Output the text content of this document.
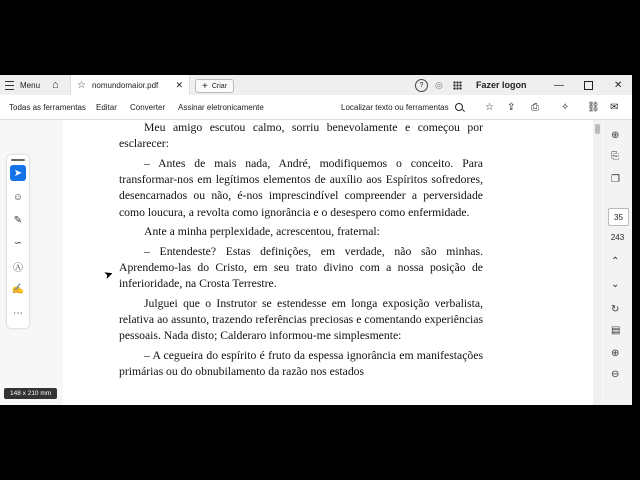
Menu ⌂ ☆ nomundomaior.pdf ✕ + Criar	?	◎	Fazer logon	—	✕
Todas as ferramentas Editar Converter Assinar eletronicamente	Localizar texto ou ferramentas	☆ ⇪ ⎙ ✧ ⛓ ✉

Meu amigo escutou calmo, sorriu benevolamente e começou por esclarecer:

– Antes de mais nada, André, modifiquemos o conceito. Para transformar-nos em legítimos elementos de auxílio aos Espíritos sofredores, desencarnados ou não, é-nos imprescindível compreender a perversidade como loucura, a revolta como ignorância e o desespero como enfermidade.

Ante a minha perplexidade, acrescentou, fraternal:

– Entendeste? Estas definições, em verdade, não são minhas. Aprendemo-las do Cristo, em seu trato divino com a nossa posição de inferioridade, na Crosta Terrestre.

Julguei que o Instrutor se estendesse em longa exposição verbalista, relativa ao assunto, trazendo referências preciosas e comentando experiências pessoais. Nada disto; Calderaro informou-me simplesmente:

– A cegueira do espírito é fruto da espessa ignorância em manifestações primárias ou do obnubilamento da razão nos estados

➤
☺
✎
∽
Ⓐ
✍
⋯
⊕
⎘
❐
35
243
⌃
⌄
↻
▤
⊕
⊖
148 x 210 mm
➤
